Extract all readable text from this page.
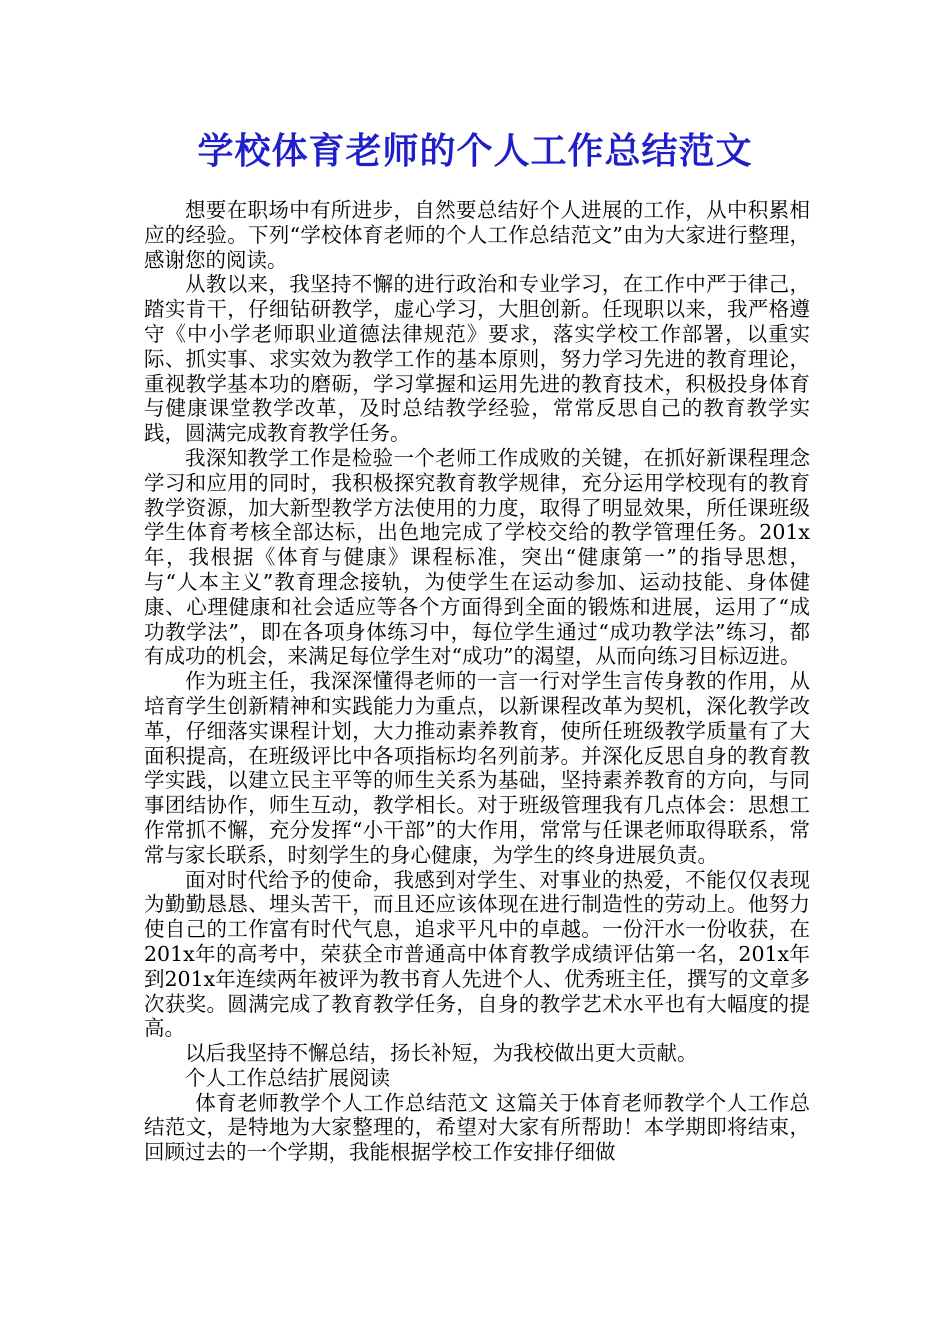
学校体育老师的个人工作总结范文

想要在职场中有所进步，自然要总结好个人进展的工作，从中积累相应的经验。下列“学校体育老师的个人工作总结范文”由为大家进行整理，感谢您的阅读。

从教以来，我坚持不懈的进行政治和专业学习，在工作中严于律己，踏实肯干，仔细钻研教学，虚心学习，大胆创新。任现职以来，我严格遵守《中小学老师职业道德法律规范》要求，落实学校工作部署，以重实际、抓实事、求实效为教学工作的基本原则，努力学习先进的教育理论，重视教学基本功的磨砺，学习掌握和运用先进的教育技术，积极投身体育与健康课堂教学改革，及时总结教学经验，常常反思自己的教育教学实践，圆满完成教育教学任务。

我深知教学工作是检验一个老师工作成败的关键，在抓好新课程理念学习和应用的同时，我积极探究教育教学规律，充分运用学校现有的教育教学资源，加大新型教学方法使用的力度，取得了明显效果，所任课班级学生体育考核全部达标，出色地完成了学校交给的教学管理任务。201x年，我根据《体育与健康》课程标准，突出“健康第一”的指导思想，与“人本主义”教育理念接轨，为使学生在运动参加、运动技能、身体健康、心理健康和社会适应等各个方面得到全面的锻炼和进展，运用了“成功教学法”，即在各项身体练习中，每位学生通过“成功教学法”练习，都有成功的机会，来满足每位学生对“成功”的渴望，从而向练习目标迈进。

作为班主任，我深深懂得老师的一言一行对学生言传身教的作用，从培育学生创新精神和实践能力为重点，以新课程改革为契机，深化教学改革，仔细落实课程计划，大力推动素养教育，使所任班级教学质量有了大面积提高，在班级评比中各项指标均名列前茅。并深化反思自身的教育教学实践，以建立民主平等的师生关系为基础，坚持素养教育的方向，与同事团结协作，师生互动，教学相长。对于班级管理我有几点体会：思想工作常抓不懈，充分发挥“小干部”的大作用，常常与任课老师取得联系，常常与家长联系，时刻学生的身心健康，为学生的终身进展负责。

面对时代给予的使命，我感到对学生、对事业的热爱，不能仅仅表现为勤勤恳恳、埋头苦干，而且还应该体现在进行制造性的劳动上。他努力使自己的工作富有时代气息，追求平凡中的卓越。一份汗水一份收获，在201x年的高考中，荣获全市普通高中体育教学成绩评估第一名，201x年到201x年连续两年被评为教书育人先进个人、优秀班主任，撰写的文章多次获奖。圆满完成了教育教学任务，自身的教学艺术水平也有大幅度的提高。

以后我坚持不懈总结，扬长补短，为我校做出更大贡献。

个人工作总结扩展阅读

体育老师教学个人工作总结范文 这篇关于体育老师教学个人工作总结范文，是特地为大家整理的，希望对大家有所帮助！本学期即将结束，回顾过去的一个学期，我能根据学校工作安排仔细做
